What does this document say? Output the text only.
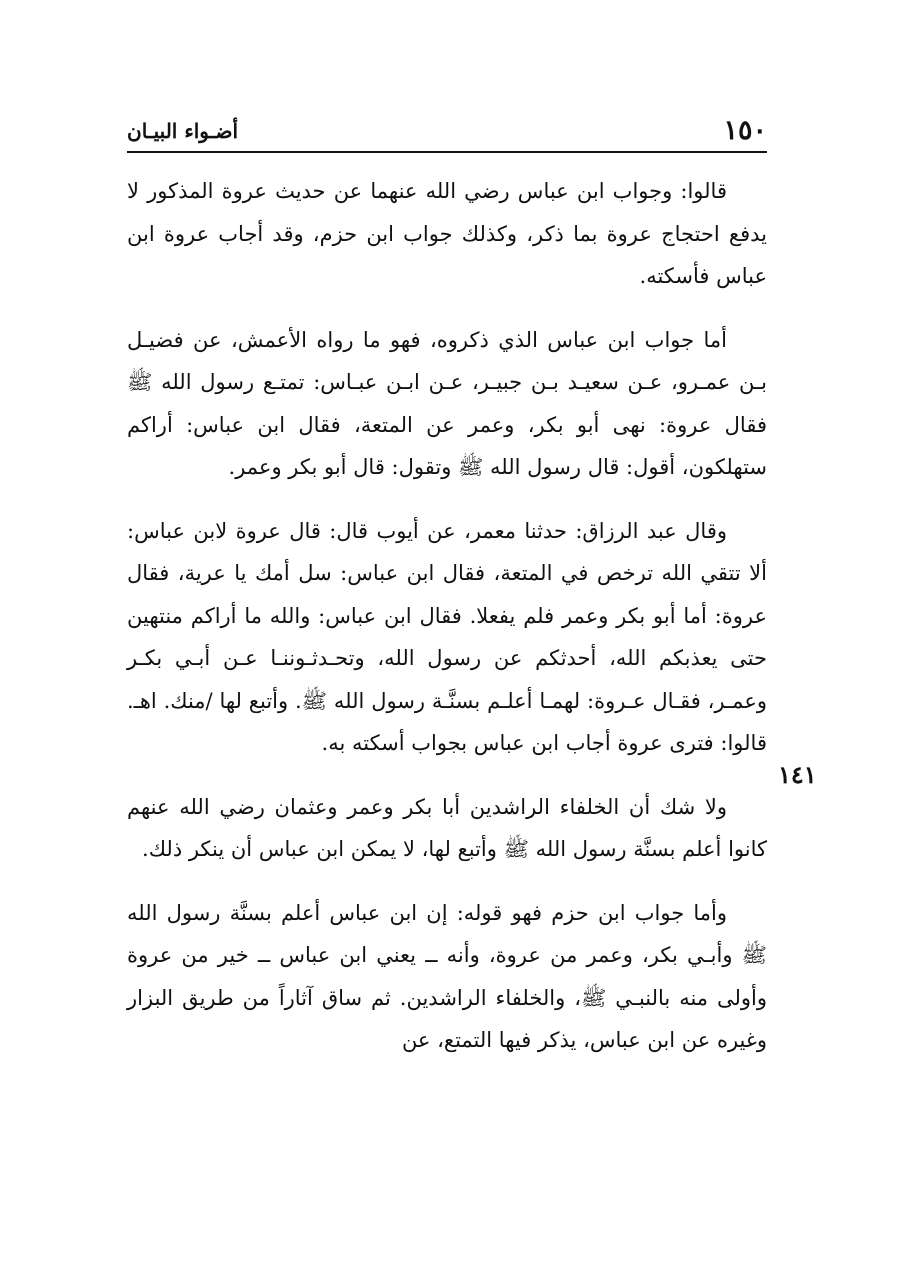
١٥٠
أضـواء البيـان

قالوا: وجواب ابن عباس رضي الله عنهما عن حديث عروة المذكور لا يدفع احتجاج عروة بما ذكر، وكذلك جواب ابن حزم، وقد أجاب عروة ابن عباس فأسكته.

أما جواب ابن عباس الذي ذكروه، فهو ما رواه الأعمش، عن فضيـل بـن عمـرو، عـن سعيـد بـن جبيـر، عـن ابـن عبـاس: تمتـع رسول الله ﷺ فقال عروة: نهى أبو بكر، وعمر عن المتعة، فقال ابن عباس: أراكم ستهلكون، أقول: قال رسول الله ﷺ وتقول: قال أبو بكر وعمر.

وقال عبد الرزاق: حدثنا معمر، عن أيوب قال: قال عروة لابن عباس: ألا تتقي الله ترخص في المتعة، فقال ابن عباس: سل أمك يا عرية، فقال عروة: أما أبو بكر وعمر فلم يفعلا. فقال ابن عباس: والله ما أراكم منتهين حتى يعذبكم الله، أحدثكم عن رسول الله، وتحـدثـوننـا عـن أبـي بكـر وعمـر، فقـال عـروة: لهمـا أعلـم بسنَّـة رسول الله ﷺ. وأتبع لها /منك. اهـ. قالوا: فترى عروة أجاب ابن عباس بجواب أسكته به.

ولا شك أن الخلفاء الراشدين أبا بكر وعمر وعثمان رضي الله عنهم كانوا أعلم بسنَّة رسول الله ﷺ وأتبع لها، لا يمكن ابن عباس أن ينكر ذلك.

وأما جواب ابن حزم فهو قوله: إن ابن عباس أعلم بسنَّة رسول الله ﷺ وأبـي بكر، وعمر من عروة، وأنه ــ يعني ابن عباس ــ خير من عروة وأولى منه بالنبـي ﷺ، والخلفاء الراشدين. ثم ساق آثاراً من طريق البزار وغيره عن ابن عباس، يذكر فيها التمتع، عن

١٤١
